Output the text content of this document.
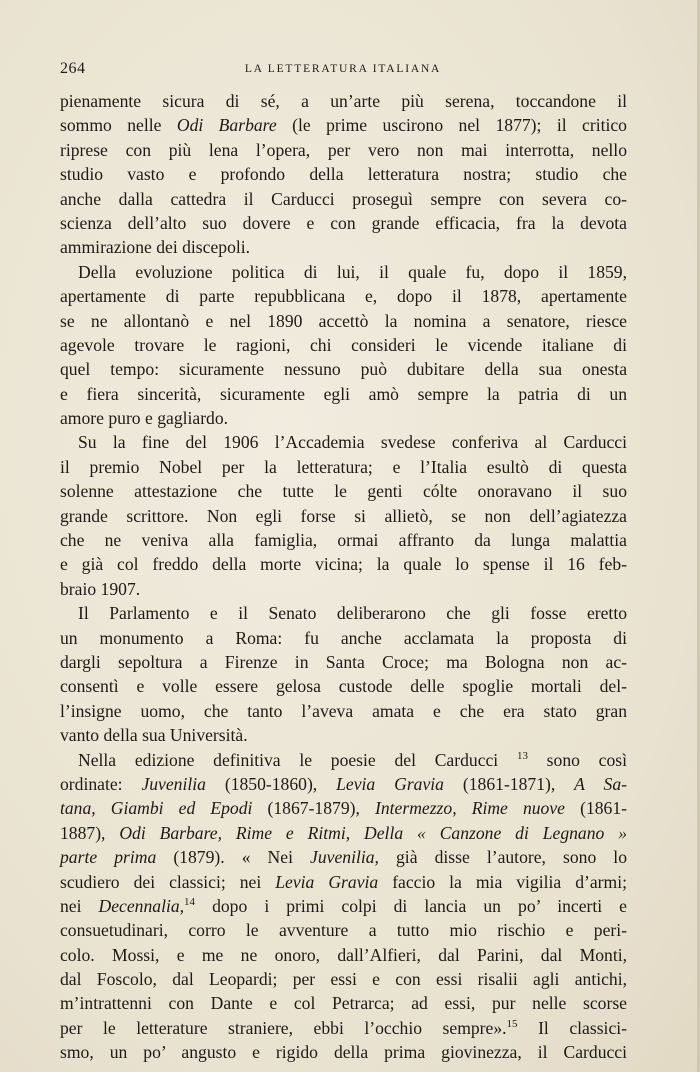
264	LA LETTERATURA ITALIANA
pienamente sicura di sé, a un’arte più serena, toccandone il
sommo nelle Odi Barbare (le prime uscirono nel 1877); il critico
riprese con più lena l’opera, per vero non mai interrotta, nello
studio vasto e profondo della letteratura nostra; studio che
anche dalla cattedra il Carducci proseguì sempre con severa co-
scienza dell’alto suo dovere e con grande efficacia, fra la devota
ammirazione dei discepoli.
Della evoluzione politica di lui, il quale fu, dopo il 1859,
apertamente di parte repubblicana e, dopo il 1878, apertamente
se ne allontanò e nel 1890 accettò la nomina a senatore, riesce
agevole trovare le ragioni, chi consideri le vicende italiane di
quel tempo: sicuramente nessuno può dubitare della sua onesta
e fiera sincerità, sicuramente egli amò sempre la patria di un
amore puro e gagliardo.
Su la fine del 1906 l’Accademia svedese conferiva al Carducci
il premio Nobel per la letteratura; e l’Italia esultò di questa
solenne attestazione che tutte le genti cólte onoravano il suo
grande scrittore. Non egli forse si allietò, se non dell’agiatezza
che ne veniva alla famiglia, ormai affranto da lunga malattia
e già col freddo della morte vicina; la quale lo spense il 16 feb-
braio 1907.
Il Parlamento e il Senato deliberarono che gli fosse eretto
un monumento a Roma: fu anche acclamata la proposta di
dargli sepoltura a Firenze in Santa Croce; ma Bologna non ac-
consentì e volle essere gelosa custode delle spoglie mortali del-
l’insigne uomo, che tanto l’aveva amata e che era stato gran
vanto della sua Università.
Nella edizione definitiva le poesie del Carducci $^{13}$ sono così
ordinate: Juvenilia (1850-1860), Levia Gravia (1861-1871), A Sa-
tana, Giambi ed Epodi (1867-1879), Intermezzo, Rime nuove (1861-
1887), Odi Barbare, Rime e Ritmi, Della « Canzone di Legnano »
parte prima (1879). « Nei Juvenilia, già disse l’autore, sono lo
scudiero dei classici; nei Levia Gravia faccio la mia vigilia d’armi;
nei Decennalia,$^{14}$ dopo i primi colpi di lancia un po’ incerti e
consuetudinari, corro le avventure a tutto mio rischio e peri-
colo. Mossi, e me ne onoro, dall’Alfieri, dal Parini, dal Monti,
dal Foscolo, dal Leopardi; per essi e con essi risalii agli antichi,
m’intrattenni con Dante e col Petrarca; ad essi, pur nelle scorse
per le letterature straniere, ebbi l’occhio sempre».$^{15}$ Il classici-
smo, un po’ angusto e rigido della prima giovinezza, il Carducci
